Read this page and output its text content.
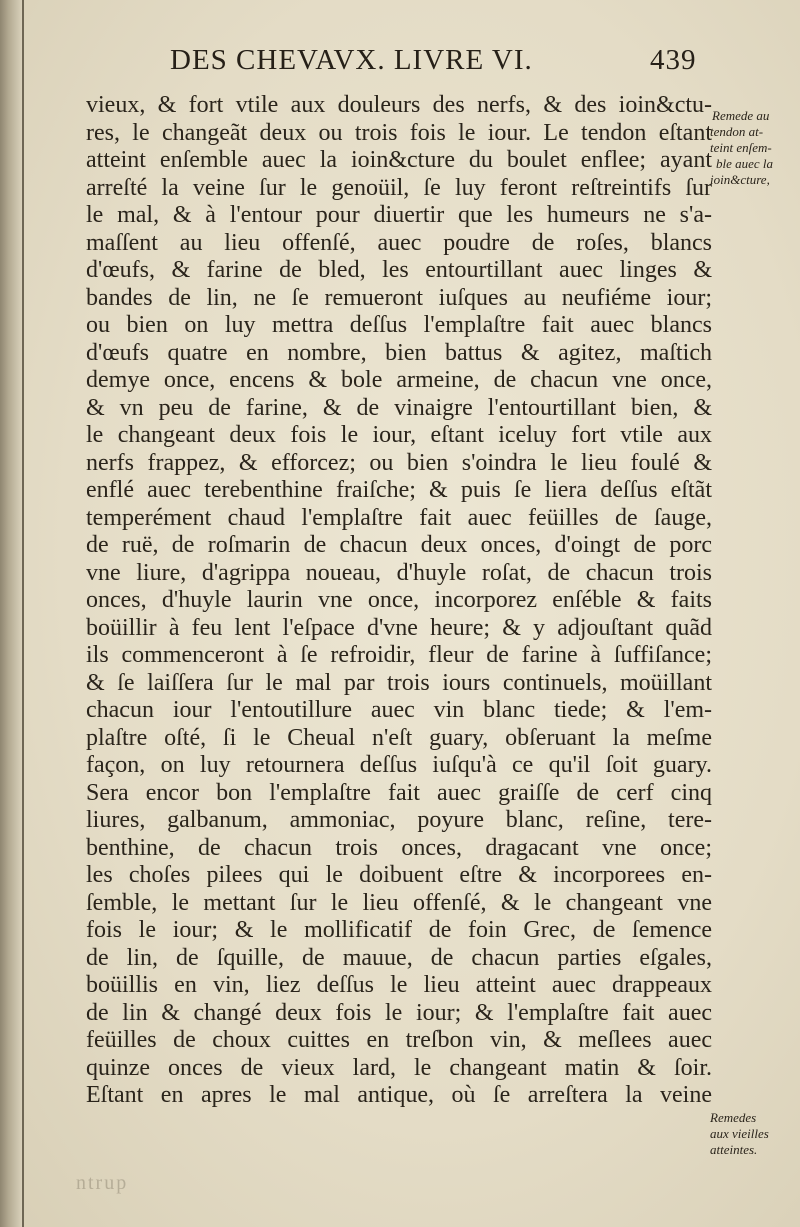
DES CHEVAVX. LIVRE VI.	439
vieux, & fort vtile aux douleurs des nerfs, & des ioin&ctu-
res, le changeãt deux ou trois fois le iour. Le tendon eſtant
atteint enſemble auec la ioin&cture du boulet enflee; ayant
arreſté la veine ſur le genoüil, ſe luy feront reſtreintifs ſur
le mal, & à l'entour pour diuertir que les humeurs ne s'a-
maſſent au lieu offenſé, auec poudre de roſes, blancs
d'œufs, & farine de bled, les entourtillant auec linges &
bandes de lin, ne ſe remueront iuſques au neufiéme iour;
ou bien on luy mettra deſſus l'emplaſtre fait auec blancs
d'œufs quatre en nombre, bien battus & agitez, maſtich
demye once, encens & bole armeine, de chacun vne once,
& vn peu de farine, & de vinaigre l'entourtillant bien, &
le changeant deux fois le iour, eſtant iceluy fort vtile aux
nerfs frappez, & efforcez; ou bien s'oindra le lieu foulé &
enflé auec terebenthine fraiſche; & puis ſe liera deſſus eſtãt
temperément chaud l'emplaſtre fait auec feüilles de ſauge,
de ruë, de roſmarin de chacun deux onces, d'oingt de porc
vne liure, d'agrippa noueau, d'huyle roſat, de chacun trois
onces, d'huyle laurin vne once, incorporez enſéble & faits
boüillir à feu lent l'eſpace d'vne heure; & y adjouſtant quãd
ils commenceront à ſe refroidir, fleur de farine à ſuffiſance;
& ſe laiſſera ſur le mal par trois iours continuels, moüillant
chacun iour l'entoutillure auec vin blanc tiede; & l'em-
plaſtre oſté, ſi le Cheual n'eſt guary, obſeruant la meſme
façon, on luy retournera deſſus iuſqu'à ce qu'il ſoit guary.
Sera encor bon l'emplaſtre fait auec graiſſe de cerf cinq
liures, galbanum, ammoniac, poyure blanc, reſine, tere-
benthine, de chacun trois onces, dragacant vne once;
les choſes pilees qui le doibuent eſtre & incorporees en-
ſemble, le mettant ſur le lieu offenſé, & le changeant vne
fois le iour; & le mollificatif de foin Grec, de ſemence
de lin, de ſquille, de mauue, de chacun parties eſgales,
boüillis en vin, liez deſſus le lieu atteint auec drappeaux
de lin & changé deux fois le iour; & l'emplaſtre fait auec
feüilles de choux cuittes en treſbon vin, & meſlees auec
quinze onces de vieux lard, le changeant matin & ſoir.
Eſtant en apres le mal antique, où ſe arreſtera la veine
Remede au
tendon at-
teint enſem-
ble auec la
ioin&cture,
Remedes
aux vieilles
atteintes.
ntrup
